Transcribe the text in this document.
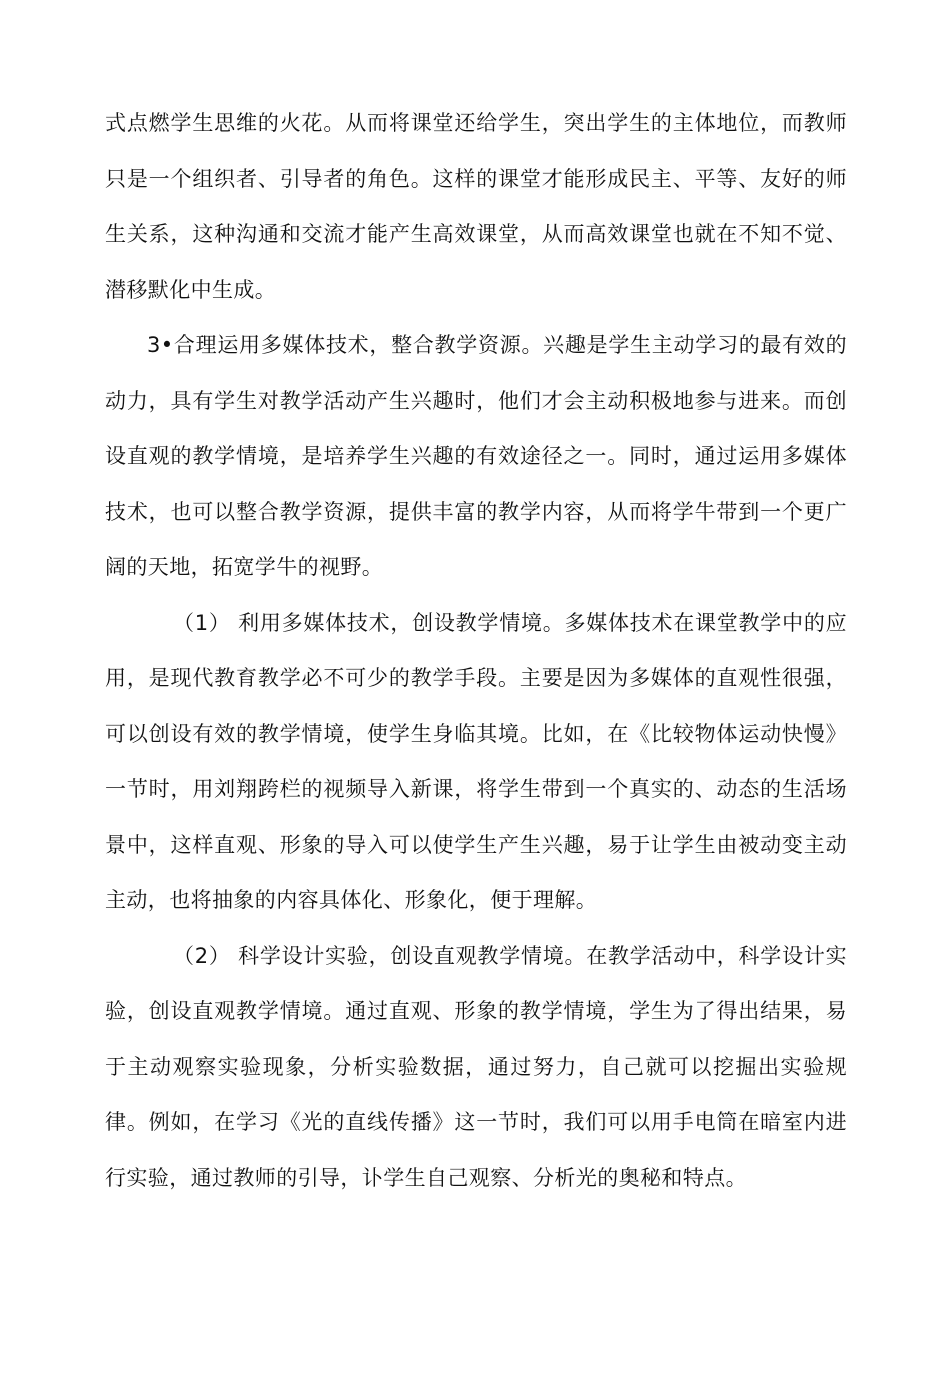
式点燃学生思维的火花。从而将课堂还给学生，突出学生的主体地位，而教师只是一个组织者、引导者的角色。这样的课堂才能形成民主、平等、友好的师生关系，这种沟通和交流才能产生高效课堂，从而高效课堂也就在不知不觉、潜移默化中生成。

3•合理运用多媒体技术，整合教学资源。兴趣是学生主动学习的最有效的动力，具有学生对教学活动产生兴趣时，他们才会主动积极地参与进来。而创设直观的教学情境，是培养学生兴趣的有效途径之一。同时，通过运用多媒体技术，也可以整合教学资源，提供丰富的教学内容，从而将学牛带到一个更广阔的天地，拓宽学牛的视野。

（1） 利用多媒体技术，创设教学情境。多媒体技术在课堂教学中的应用，是现代教育教学必不可少的教学手段。主要是因为多媒体的直观性很强，可以创设有效的教学情境，使学生身临其境。比如，在《比较物体运动快慢》一节时，用刘翔跨栏的视频导入新课，将学生带到一个真实的、动态的生活场景中，这样直观、形象的导入可以使学生产生兴趣，易于让学生由被动变主动主动，也将抽象的内容具体化、形象化，便于理解。

（2） 科学设计实验，创设直观教学情境。在教学活动中，科学设计实验，创设直观教学情境。通过直观、形象的教学情境，学生为了得出结果，易于主动观察实验现象，分析实验数据，通过努力，自己就可以挖掘出实验规律。例如，在学习《光的直线传播》这一节时，我们可以用手电筒在暗室内进行实验，通过教师的引导，讣学生自己观察、分析光的奥秘和特点。
